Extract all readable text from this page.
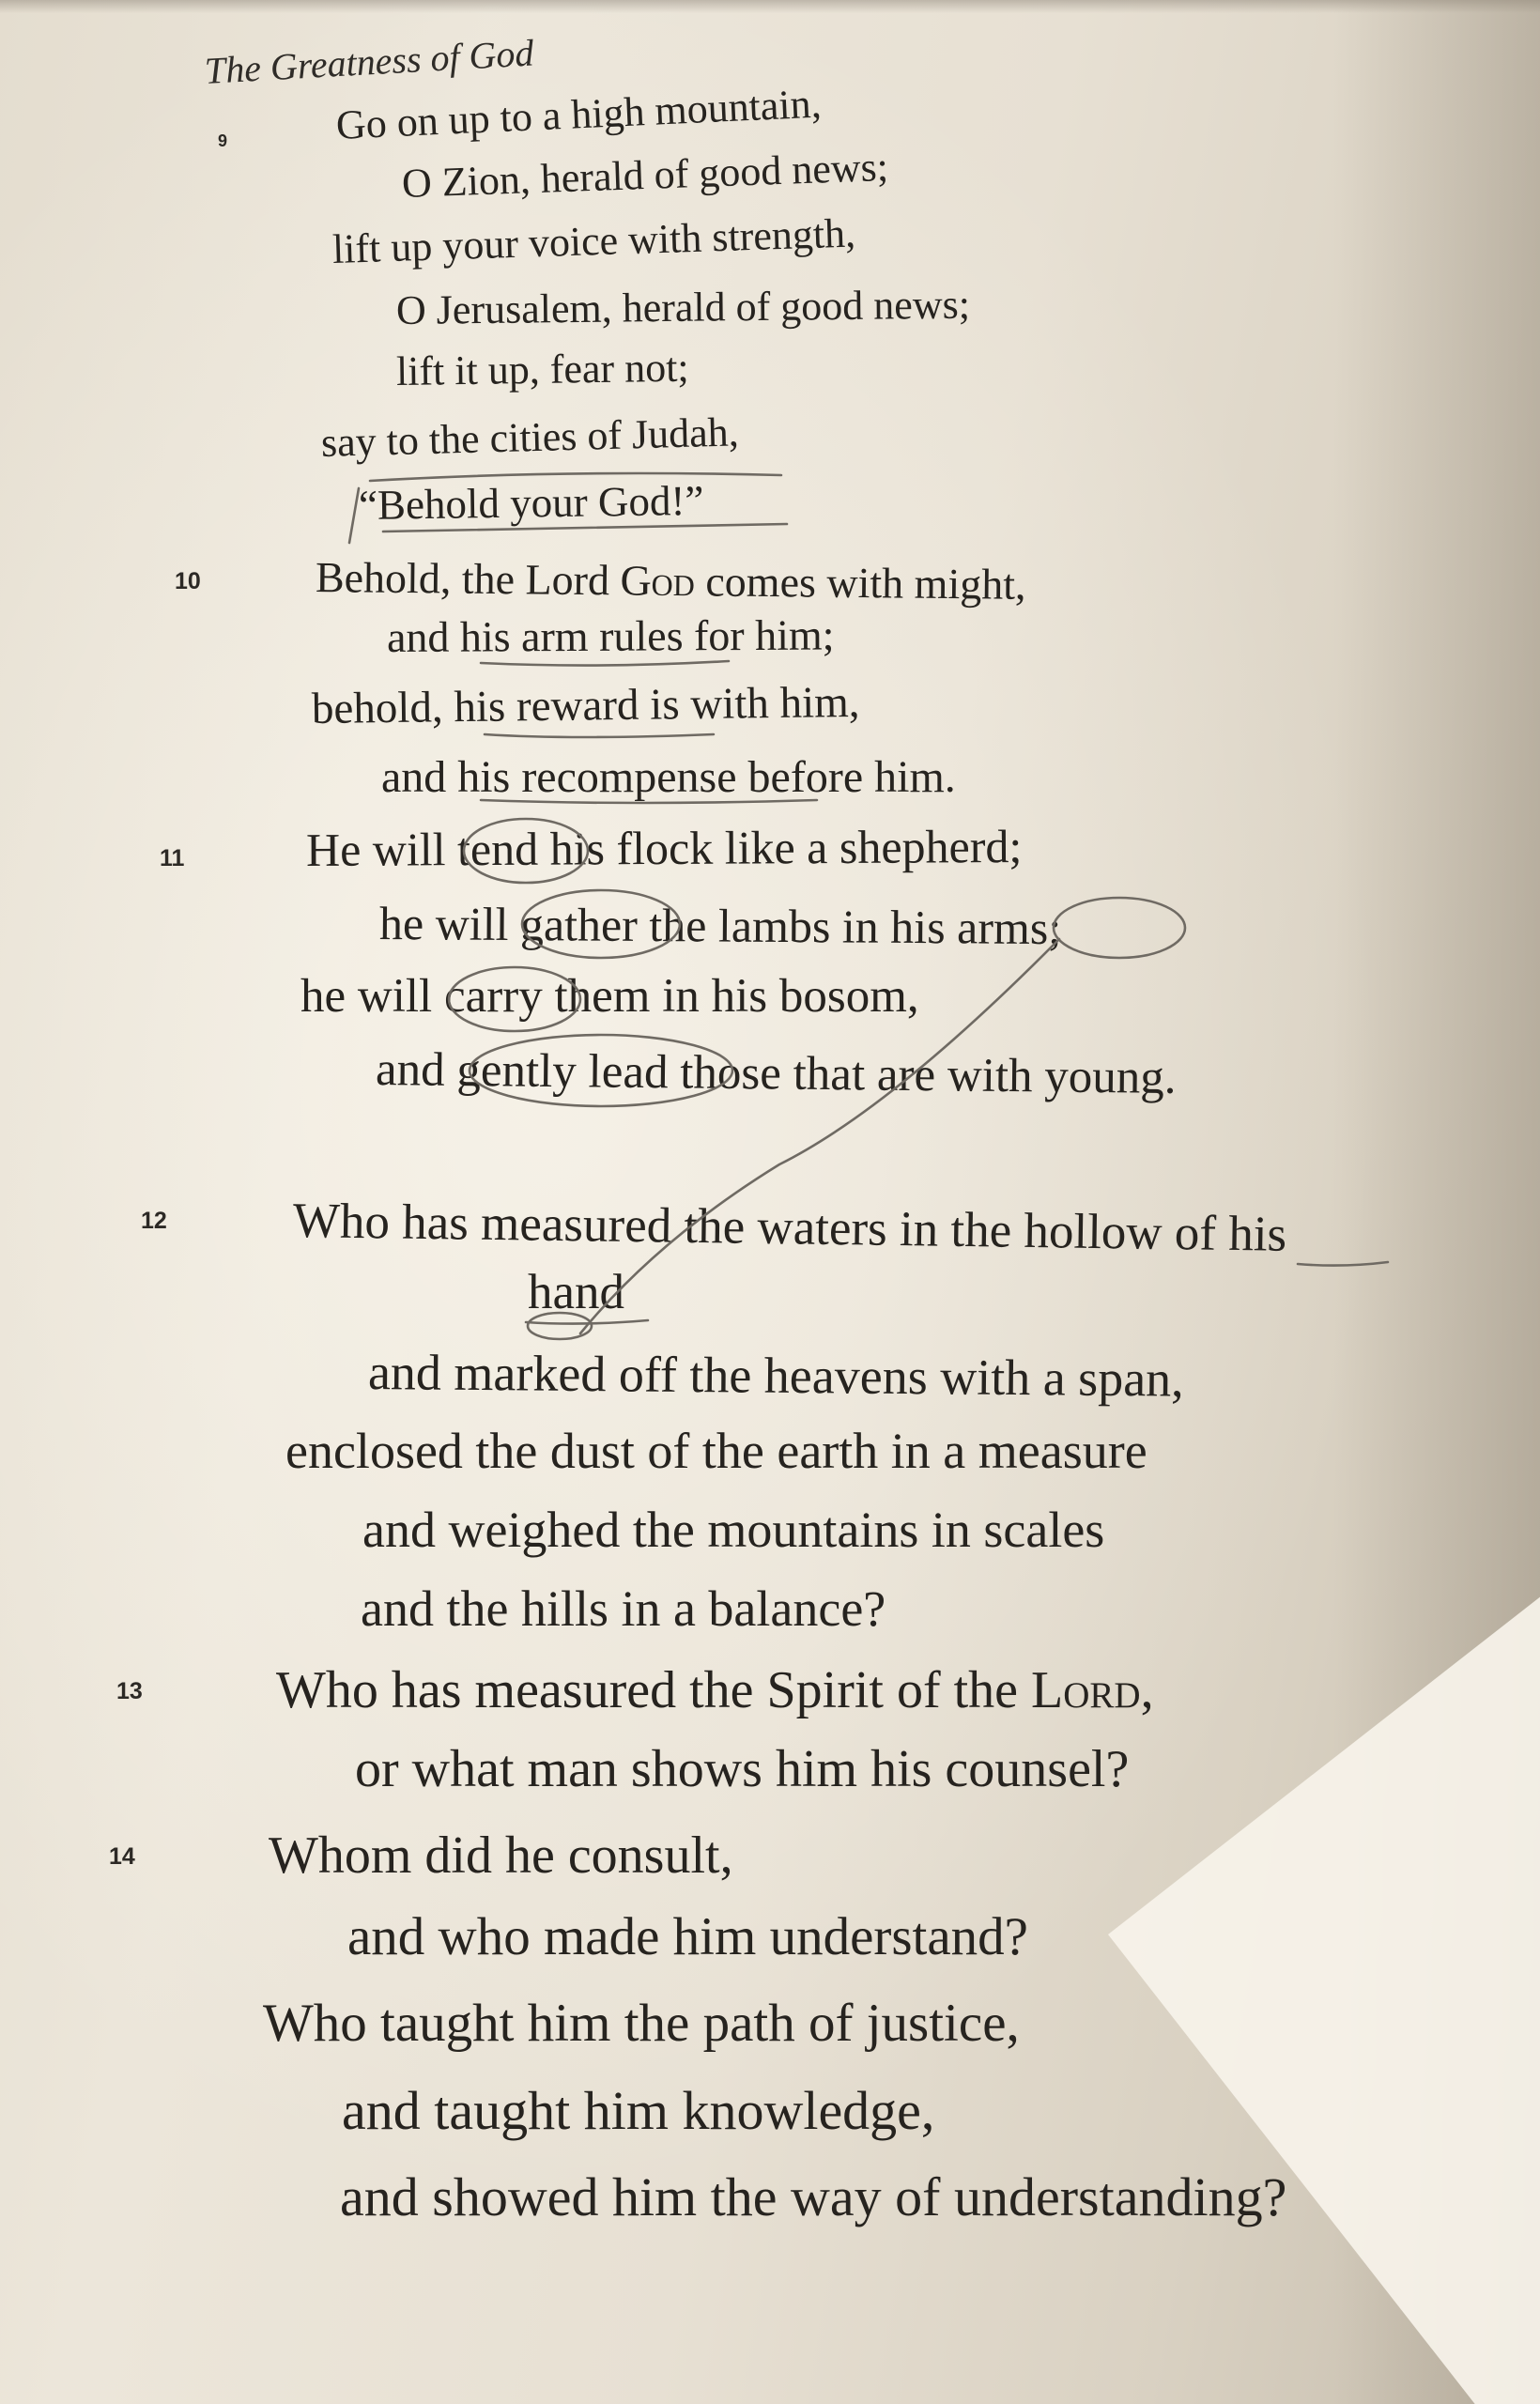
The Greatness of God
9
10
11
12
13
14
Go on up to a high mountain,
O Zion, herald of good news;
lift up your voice with strength,
O Jerusalem, herald of good news;
lift it up, fear not;
say to the cities of Judah,
“Behold your God!”
Behold, the Lord God comes with might,
and his arm rules for him;
behold, his reward is with him,
and his recompense before him.
He will tend his flock like a shepherd;
he will gather the lambs in his arms;
he will carry them in his bosom,
and gently lead those that are with young.
Who has measured the waters in the hollow of his
hand
and marked off the heavens with a span,
enclosed the dust of the earth in a measure
and weighed the mountains in scales
and the hills in a balance?
Who has measured the Spirit of the Lord,
or what man shows him his counsel?
Whom did he consult,
and who made him understand?
Who taught him the path of justice,
and taught him knowledge,
and showed him the way of understanding?
